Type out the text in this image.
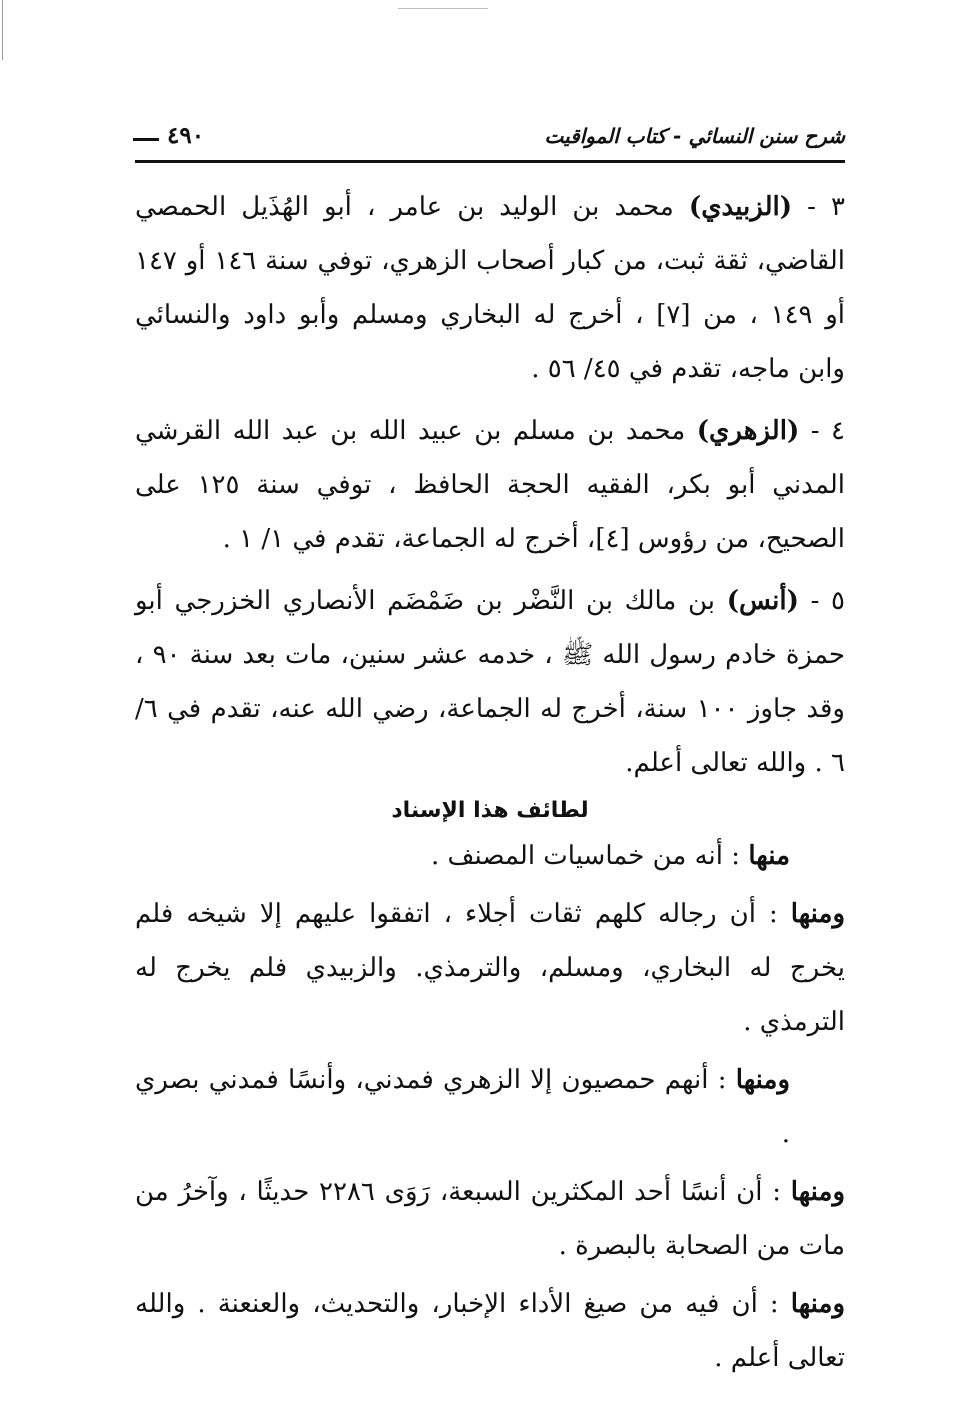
شرح سنن النسائي - كتاب المواقيت
٤٩٠

٣ - (الزبيدي) محمد بن الوليد بن عامر ، أبو الهُذَيل الحمصي القاضي، ثقة ثبت، من كبار أصحاب الزهري، توفي سنة ١٤٦ أو ١٤٧ أو ١٤٩ ، من [٧] ، أخرج له البخاري ومسلم وأبو داود والنسائي وابن ماجه، تقدم في ٤٥/ ٥٦ .

٤ - (الزهري) محمد بن مسلم بن عبيد الله بن عبد الله القرشي المدني أبو بكر، الفقيه الحجة الحافظ ، توفي سنة ١٢٥ على الصحيح، من رؤوس [٤]، أخرج له الجماعة، تقدم في ١/ ١ .

٥ - (أنس) بن مالك بن النَّضْر بن ضَمْضَم الأنصاري الخزرجي أبو حمزة خادم رسول الله ﷺ ، خدمه عشر سنين، مات بعد سنة ٩٠ ، وقد جاوز ١٠٠ سنة، أخرج له الجماعة، رضي الله عنه، تقدم في ٦/ ٦ . والله تعالى أعلم.

لطائف هذا الإسناد

منها : أنه من خماسيات المصنف .

ومنها : أن رجاله كلهم ثقات أجلاء ، اتفقوا عليهم إلا شيخه فلم يخرج له البخاري، ومسلم، والترمذي. والزبيدي فلم يخرج له الترمذي .

ومنها : أنهم حمصيون إلا الزهري فمدني، وأنسًا فمدني بصري .

ومنها : أن أنسًا أحد المكثرين السبعة، رَوَى ٢٢٨٦ حديثًا ، وآخرُ من مات من الصحابة بالبصرة .

ومنها : أن فيه من صيغ الأداء الإخبار، والتحديث، والعنعنة . والله تعالى أعلم .
